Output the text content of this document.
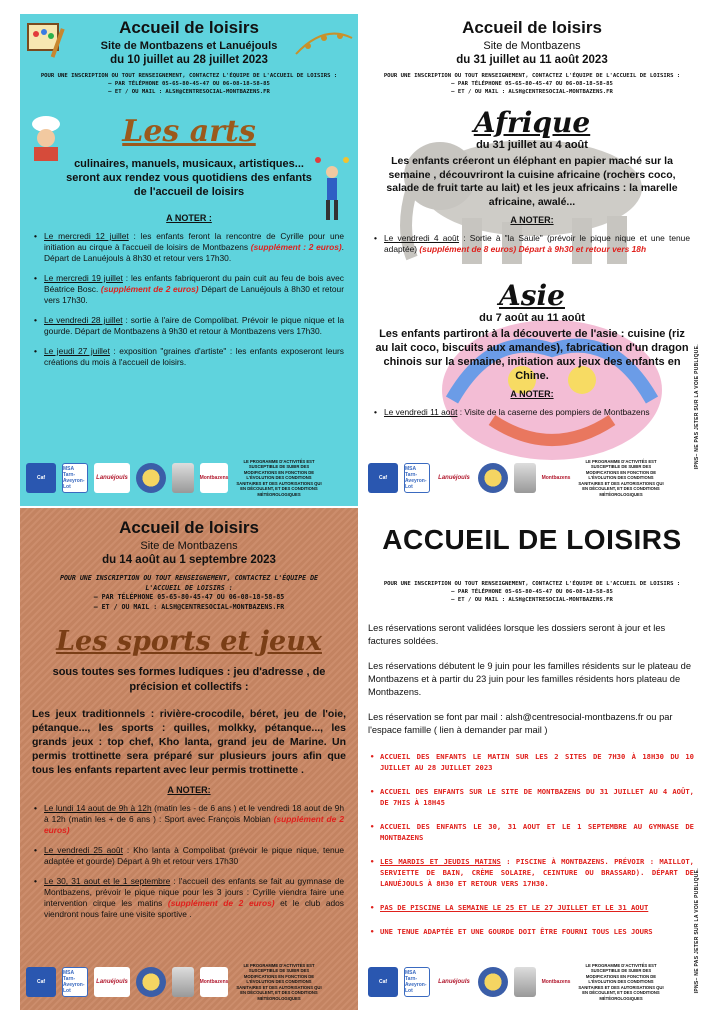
Accueil de loisirs
Site de Montbazens et Lanuéjouls
du 10 juillet au 28 juillet 2023
POUR UNE INSCRIPTION OU TOUT RENSEIGNEMENT, CONTACTEZ L'ÉQUIPE DE L'ACCUEIL DE LOISIRS :
– PAR TÉLÉPHONE 05-65-80-45-47 OU 06-08-18-58-85
– ET / OU MAIL : ALSH@CENTRESOCIAL-MONTBAZENS.FR
Les arts
culinaires, manuels, musicaux, artistiques... seront aux rendez vous quotidiens des enfants de l'accueil de loisirs
A NOTER :
• Le mercredi 12 juillet : les enfants feront la rencontre de Cyrille pour une initiation au cirque à l'accueil de loisirs de Montbazens (supplément : 2 euros). Départ de Lanuéjouls à 8h30 et retour vers 17h30.
• Le mercredi 19 juillet : les enfants fabriqueront du pain cuit au feu de bois avec Béatrice Bosc. (supplément de 2 euros) Départ de Lanuéjouls à 8h30 et retour vers 17h30.
• Le vendredi 28 juillet : sortie à l'aire de Compolibat. Prévoir le pique nique et la gourde. Départ de Montbazens à 9h30 et retour à Montbazens vers 17h30.
• Le jeudi 27 juillet : exposition "graines d'artiste" : les enfants exposeront leurs créations du mois à l'accueil de loisirs.
Caf
MSA Tarn-Aveyron-Lot
Lanuéjouls	Montbazens
LE PROGRAMME D'ACTIVITÉS EST SUSCEPTIBLE DE SUBIR DES MODIFICATIONS EN FONCTION DE L'ÉVOLUTION DES CONDITIONS SANITAIRES ET DES AUTORISATIONS QUI EN DÉCOULENT, ET DES CONDITIONS MÉTÉOROLOGIQUES
Accueil de loisirs
Site de Montbazens
du 31 juillet au 11 août 2023
POUR UNE INSCRIPTION OU TOUT RENSEIGNEMENT, CONTACTEZ L'ÉQUIPE DE L'ACCUEIL DE LOISIRS :
– PAR TÉLÉPHONE 05-65-80-45-47 OU 06-08-18-58-85
– ET / OU MAIL : ALSH@CENTRESOCIAL-MONTBAZENS.FR
Afrique
du 31 juillet au 4 août
Les enfants créeront un éléphant en papier maché sur la semaine , découvriront la cuisine africaine (rochers coco, salade de fruit tarte au lait) et les jeux africains : la marelle africaine, awalé...
A NOTER:
• Le vendredi 4 août : Sortie à "la Saule" (prévoir le pique nique et une tenue adaptée) (supplément de 8 euros) Départ à 9h30 et retour vers 18h
Asie
du 7 août au 11 août
Les enfants partiront à la découverte de l'asie : cuisine (riz au lait coco, biscuits aux amandes), fabrication d'un dragon chinois sur la semaine, initiation aux jeux des enfants en Chine.
A NOTER:
• Le vendredi 11 août : Visite de la caserne des pompiers de Montbazens	IPNS– NE PAS JETER SUR LA VOIE PUBLIQUE.
Caf
MSA Tarn-Aveyron-Lot
Lanuéjouls	Montbazens
LE PROGRAMME D'ACTIVITÉS EST SUSCEPTIBLE DE SUBIR DES MODIFICATIONS EN FONCTION DE L'ÉVOLUTION DES CONDITIONS SANITAIRES ET DES AUTORISATIONS QUI EN DÉCOULENT, ET DES CONDITIONS MÉTÉOROLOGIQUES
Accueil de loisirs
Site de Montbazens
du 14 août au 1 septembre 2023
POUR UNE INSCRIPTION OU TOUT RENSEIGNEMENT, CONTACTEZ L'ÉQUIPE DE L'ACCUEIL DE LOISIRS :
– PAR TÉLÉPHONE 05-65-80-45-47 OU 06-08-18-58-85
– ET / OU MAIL : ALSH@CENTRESOCIAL-MONTBAZENS.FR
Les sports et jeux
sous toutes ses formes ludiques : jeu d'adresse , de précision et collectifs :
Les jeux traditionnels : rivière-crocodile, béret, jeu de l'oie, pétanque..., les sports : quilles, molkky, pétanque..., les grands jeux : top chef, Kho lanta, grand jeu de Marine. Un permis trottinette sera préparé sur plusieurs jours afin que tous les enfants repartent avec leur permis trottinette .
A NOTER:
• Le lundi 14 aout de 9h à 12h (matin les - de 6 ans ) et le vendredi 18 aout de 9h à 12h (matin les + de 6 ans ) : Sport avec François Mobian (supplément de 2 euros)
• Le vendredi 25 août : Kho lanta à Compolibat (prévoir le pique nique, tenue adaptée et gourde) Départ à 9h et retour vers 17h30
• Le 30, 31 aout et le 1 septembre : l'accueil des enfants se fait au gymnase de Montbazens, prévoir le pique nique pour les 3 jours : Cyrille viendra faire une intervention cirque les matins (supplément de 2 euros) et le club ados viendront nous faire une visite sportive .
Caf
MSA Tarn-Aveyron-Lot
Lanuéjouls	Montbazens
LE PROGRAMME D'ACTIVITÉS EST SUSCEPTIBLE DE SUBIR DES MODIFICATIONS EN FONCTION DE L'ÉVOLUTION DES CONDITIONS SANITAIRES ET DES AUTORISATIONS QUI EN DÉCOULENT, ET DES CONDITIONS MÉTÉOROLOGIQUES
ACCUEIL DE LOISIRS
POUR UNE INSCRIPTION OU TOUT RENSEIGNEMENT, CONTACTEZ L'ÉQUIPE DE L'ACCUEIL DE LOISIRS :
– PAR TÉLÉPHONE 05-65-80-45-47 OU 06-08-18-58-85
– ET / OU MAIL : ALSH@CENTRESOCIAL-MONTBAZENS.FR

Les réservations seront validées lorsque les dossiers seront à jour et les factures soldées.

Les réservations débutent le 9 juin pour les familles résidents sur le plateau de Montbazens et à partir du 23 juin pour les familles résidents hors plateau de Montbazens.

Les réservation se font par mail : alsh@centresocial-montbazens.fr ou par l'espace famille ( lien à demander par mail )

• ACCUEIL DES ENFANTS LE MATIN SUR LES 2 SITES DE 7H30 À 18H30 DU 10 JUILLET AU 28 JUILLET 2023
• ACCUEIL DES ENFANTS SUR LE SITE DE MONTBAZENS DU 31 JUILLET AU 4 AOÛT, DE 7HIS À 18H45
• ACCUEIL DES ENFANTS LE 30, 31 AOUT ET LE 1 SEPTEMBRE AU GYMNASE DE MONTBAZENS
• LES MARDIS ET JEUDIS MATINS : PISCINE À MONTBAZENS. PRÉVOIR : MAILLOT, SERVIETTE DE BAIN, CRÈME SOLAIRE, CEINTURE OU BRASSARD). DÉPART DE LANUÉJOULS À 8H30 ET RETOUR VERS 17H30.
• PAS DE PISCINE LA SEMAINE LE 25 ET LE 27 JUILLET ET LE 31 AOUT
• UNE TENUE ADAPTÉE ET UNE GOURDE DOIT ÊTRE FOURNI TOUS LES JOURS	IPNS– NE PAS JETER SUR LA VOIE PUBLIQUE.
Caf
MSA Tarn-Aveyron-Lot
Lanuéjouls	Montbazens
LE PROGRAMME D'ACTIVITÉS EST SUSCEPTIBLE DE SUBIR DES MODIFICATIONS EN FONCTION DE L'ÉVOLUTION DES CONDITIONS SANITAIRES ET DES AUTORISATIONS QUI EN DÉCOULENT, ET DES CONDITIONS MÉTÉOROLOGIQUES
